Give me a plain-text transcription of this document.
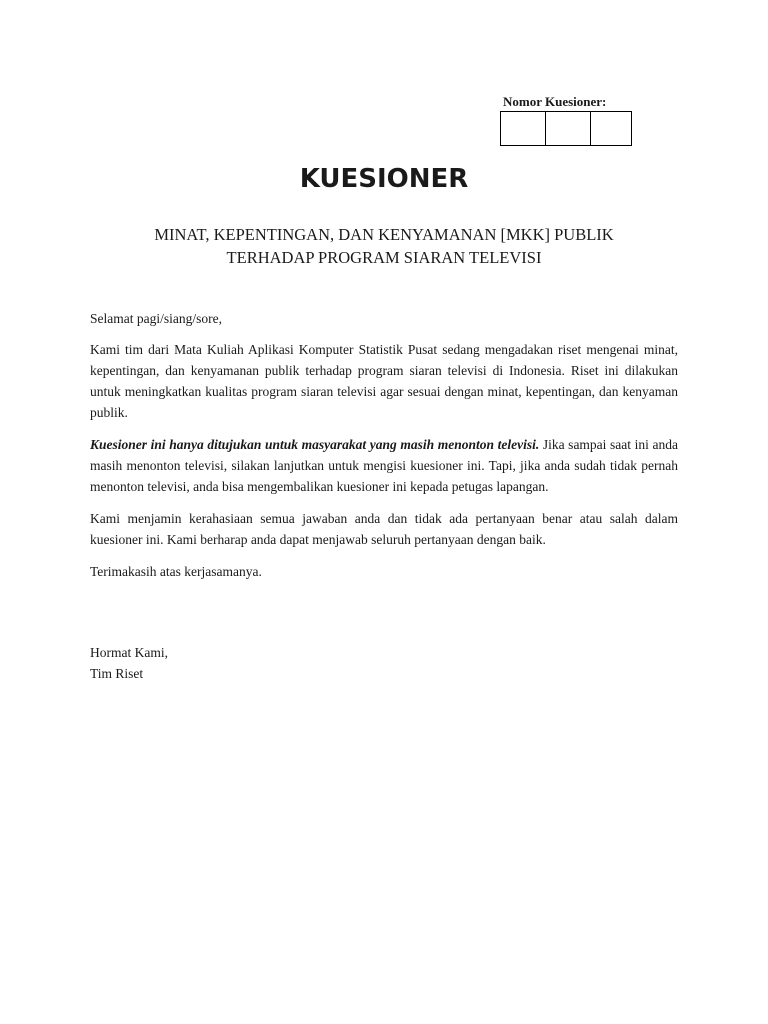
Nomor Kuesioner:
KUESIONER
MINAT, KEPENTINGAN, DAN KENYAMANAN [MKK] PUBLIK
TERHADAP PROGRAM SIARAN TELEVISI

Selamat pagi/siang/sore,

Kami tim dari Mata Kuliah Aplikasi Komputer Statistik Pusat sedang mengadakan riset mengenai minat, kepentingan, dan kenyamanan publik terhadap program siaran televisi di Indonesia. Riset ini dilakukan untuk meningkatkan kualitas program siaran televisi agar sesuai dengan minat, kepentingan, dan kenyaman publik.

Kuesioner ini hanya ditujukan untuk masyarakat yang masih menonton televisi. Jika sampai saat ini anda masih menonton televisi, silakan lanjutkan untuk mengisi kuesioner ini. Tapi, jika anda sudah tidak pernah menonton televisi, anda bisa mengembalikan kuesioner ini kepada petugas lapangan.

Kami menjamin kerahasiaan semua jawaban anda dan tidak ada pertanyaan benar atau salah dalam kuesioner ini. Kami berharap anda dapat menjawab seluruh pertanyaan dengan baik.

Terimakasih atas kerjasamanya.

Hormat Kami,
Tim Riset
